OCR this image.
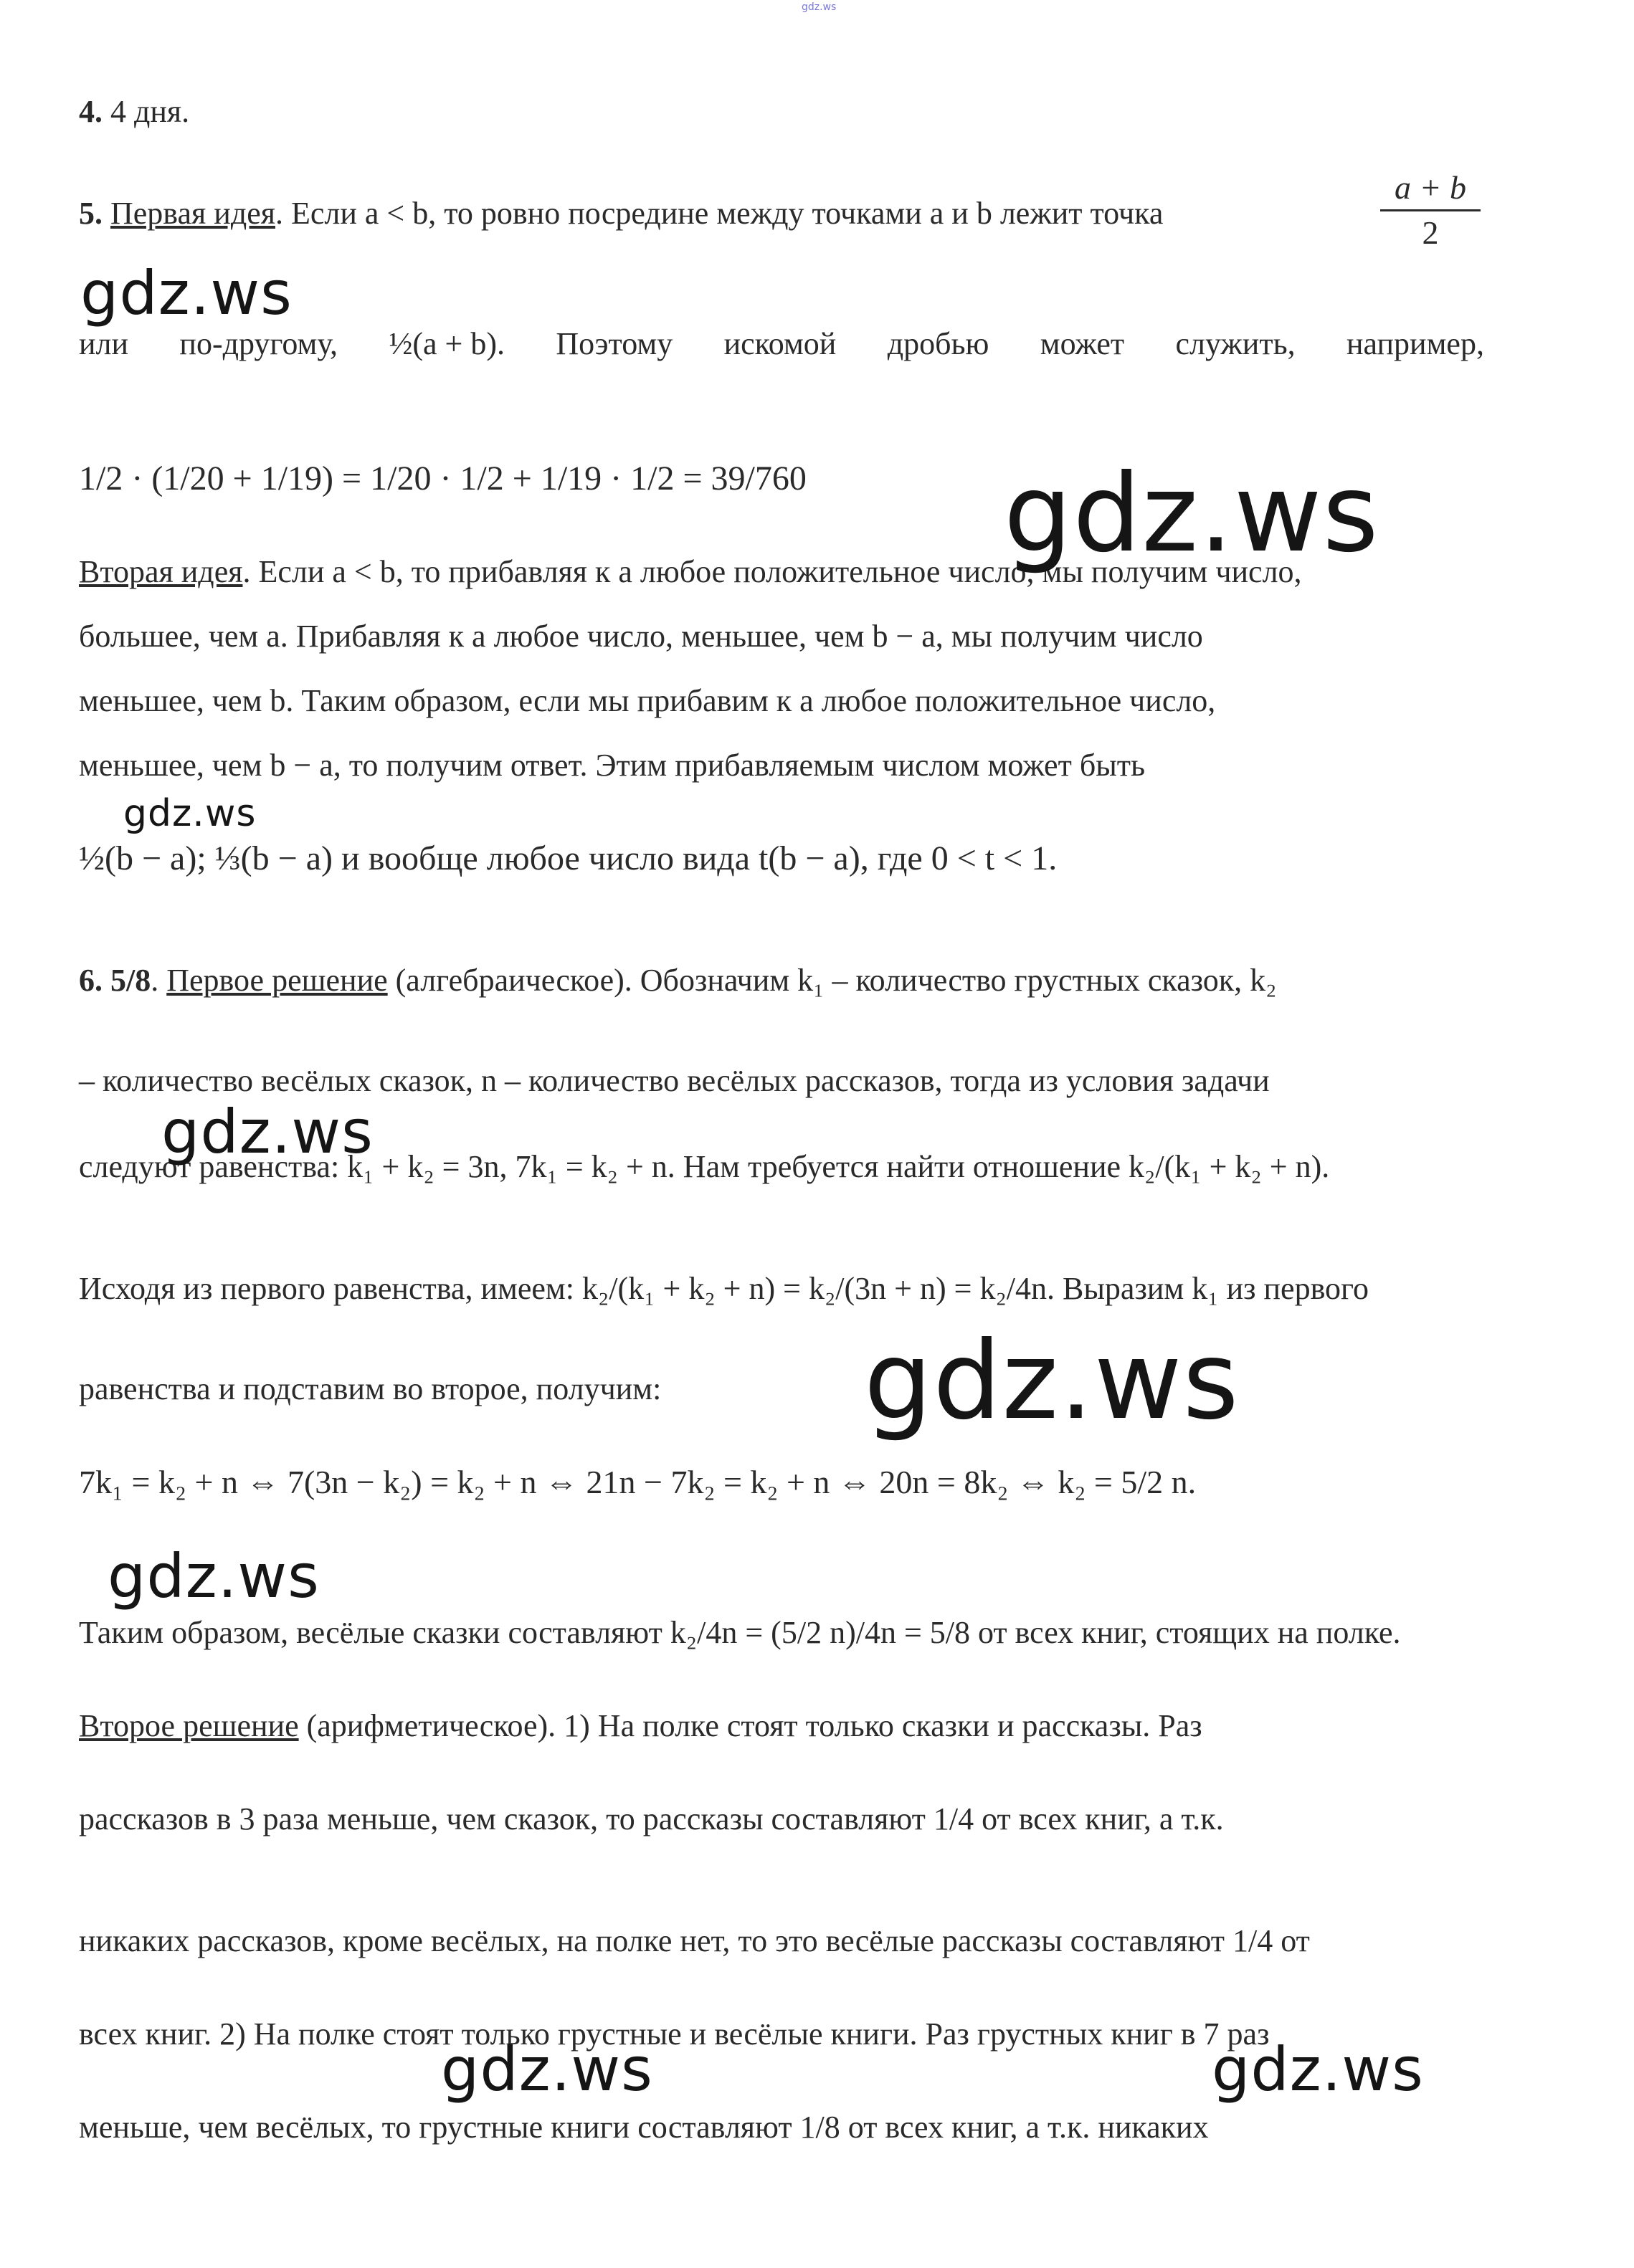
gdz.ws
4. 4 дня.
5. Первая идея. Если a < b, то ровно посредине между точками a и b лежит точка	$\frac{a + b}{2}$
или по-другому, ½(a + b). Поэтому искомой дробью может служить, например,
1/2 · (1/20 + 1/19) = 1/20 · 1/2 + 1/19 · 1/2 = 39/760
Вторая идея. Если a < b, то прибавляя к a любое положительное число, мы получим число,
большее, чем a. Прибавляя к a любое число, меньшее, чем b − a, мы получим число
меньшее, чем b. Таким образом, если мы прибавим к a любое положительное число,
меньшее, чем b − a, то получим ответ. Этим прибавляемым числом может быть
½(b − a); ⅓(b − a) и вообще любое число вида t(b − a), где 0 < t < 1.
6. 5/8. Первое решение (алгебраическое). Обозначим k₁ – количество грустных сказок, k₂
– количество весёлых сказок, n – количество весёлых рассказов, тогда из условия задачи
следуют равенства: k₁ + k₂ = 3n, 7k₁ = k₂ + n. Нам требуется найти отношение k₂/(k₁ + k₂ + n).
Исходя из первого равенства, имеем: k₂/(k₁ + k₂ + n) = k₂/(3n + n) = k₂/4n. Выразим k₁ из первого
равенства и подставим во второе, получим:
7k₁ = k₂ + n ⇔ 7(3n − k₂) = k₂ + n ⇔ 21n − 7k₂ = k₂ + n ⇔ 20n = 8k₂ ⇔ k₂ = 5/2 n.
Таким образом, весёлые сказки составляют k₂/4n = (5/2 n)/4n = 5/8 от всех книг, стоящих на полке.
Второе решение (арифметическое). 1) На полке стоят только сказки и рассказы. Раз
рассказов в 3 раза меньше, чем сказок, то рассказы составляют 1/4 от всех книг, а т.к.
никаких рассказов, кроме весёлых, на полке нет, то это весёлые рассказы составляют 1/4 от
всех книг. 2) На полке стоят только грустные и весёлые книги. Раз грустных книг в 7 раз
меньше, чем весёлых, то грустные книги составляют 1/8 от всех книг, а т.к. никаких
gdz.ws
gdz.ws
gdz.ws
gdz.ws
gdz.ws
gdz.ws
gdz.ws	gdz.ws
